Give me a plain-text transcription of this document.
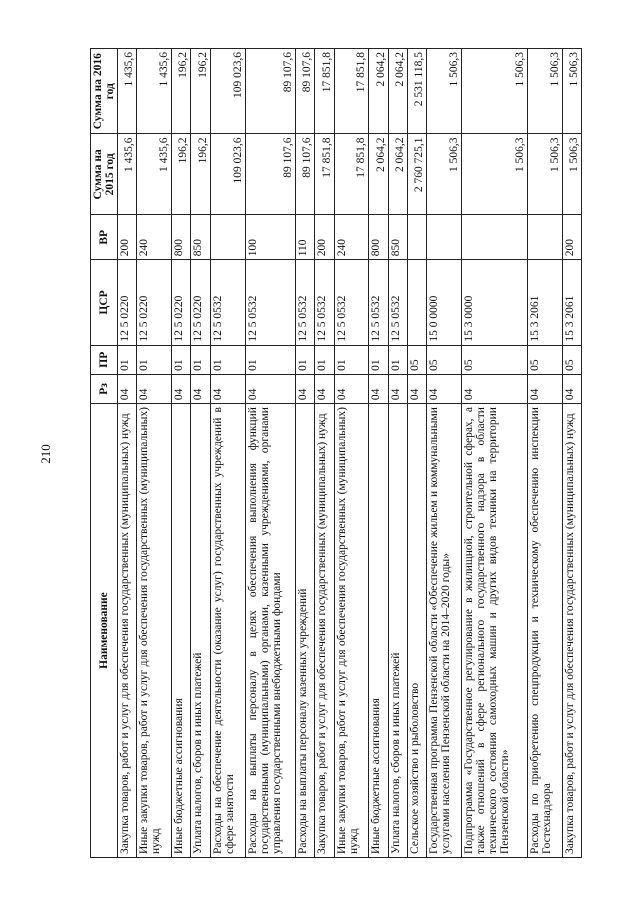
210
Наименование	Рз	ПР	ЦСР	ВР	Сумма на 2015 год	Сумма на 2016 год
Закупка товаров, работ и услуг для обеспечения государственных (муниципальных) нужд	04	01	12 5 0220	200	1 435,6	1 435,6
Иные закупки товаров, работ и услуг для обеспечения государственных (муниципальных) нужд	04	01	12 5 0220	240	1 435,6	1 435,6
Иные бюджетные ассигнования	04	01	12 5 0220	800	196,2	196,2
Уплата налогов, сборов и иных платежей	04	01	12 5 0220	850	196,2	196,2
Расходы на обеспечение деятельности (оказание услуг) государственных учреждений в сфере занятости	04	01	12 5 0532		109 023,6	109 023,6
Расходы на выплаты персоналу в целях обеспечения выполнения функций государственными (муниципальными) органами, казенными учреждениями, органами управления государственными внебюджетными фондами	04	01	12 5 0532	100	89 107,6	89 107,6
Расходы на выплаты персоналу казенных учреждений	04	01	12 5 0532	110	89 107,6	89 107,6
Закупка товаров, работ и услуг для обеспечения государственных (муниципальных) нужд	04	01	12 5 0532	200	17 851,8	17 851,8
Иные закупки товаров, работ и услуг для обеспечения государственных (муниципальных) нужд	04	01	12 5 0532	240	17 851,8	17 851,8
Иные бюджетные ассигнования	04	01	12 5 0532	800	2 064,2	2 064,2
Уплата налогов, сборов и иных платежей	04	01	12 5 0532	850	2 064,2	2 064,2
Сельское хозяйство и рыболовство	04	05			2 760 725,1	2 531 118,5
Государственная программа Пензенской области «Обеспечение жильем и коммунальными услугами населения Пензенской области на 2014–2020 годы»	04	05	15 0 0000		1 506,3	1 506,3
Подпрограмма «Государственное регулирование в жилищной, строительной сферах, а также отношений в сфере регионального государственного надзора в области технического состояния самоходных машин и других видов техники на территории Пензенской области»	04	05	15 3 0000		1 506,3	1 506,3
Расходы по приобретению спецпродукции и техническому обеспечению инспекции Гостехнадзора	04	05	15 3 2061		1 506,3	1 506,3
Закупка товаров, работ и услуг для обеспечения государственных (муниципальных) нужд	04	05	15 3 2061	200	1 506,3	1 506,3
